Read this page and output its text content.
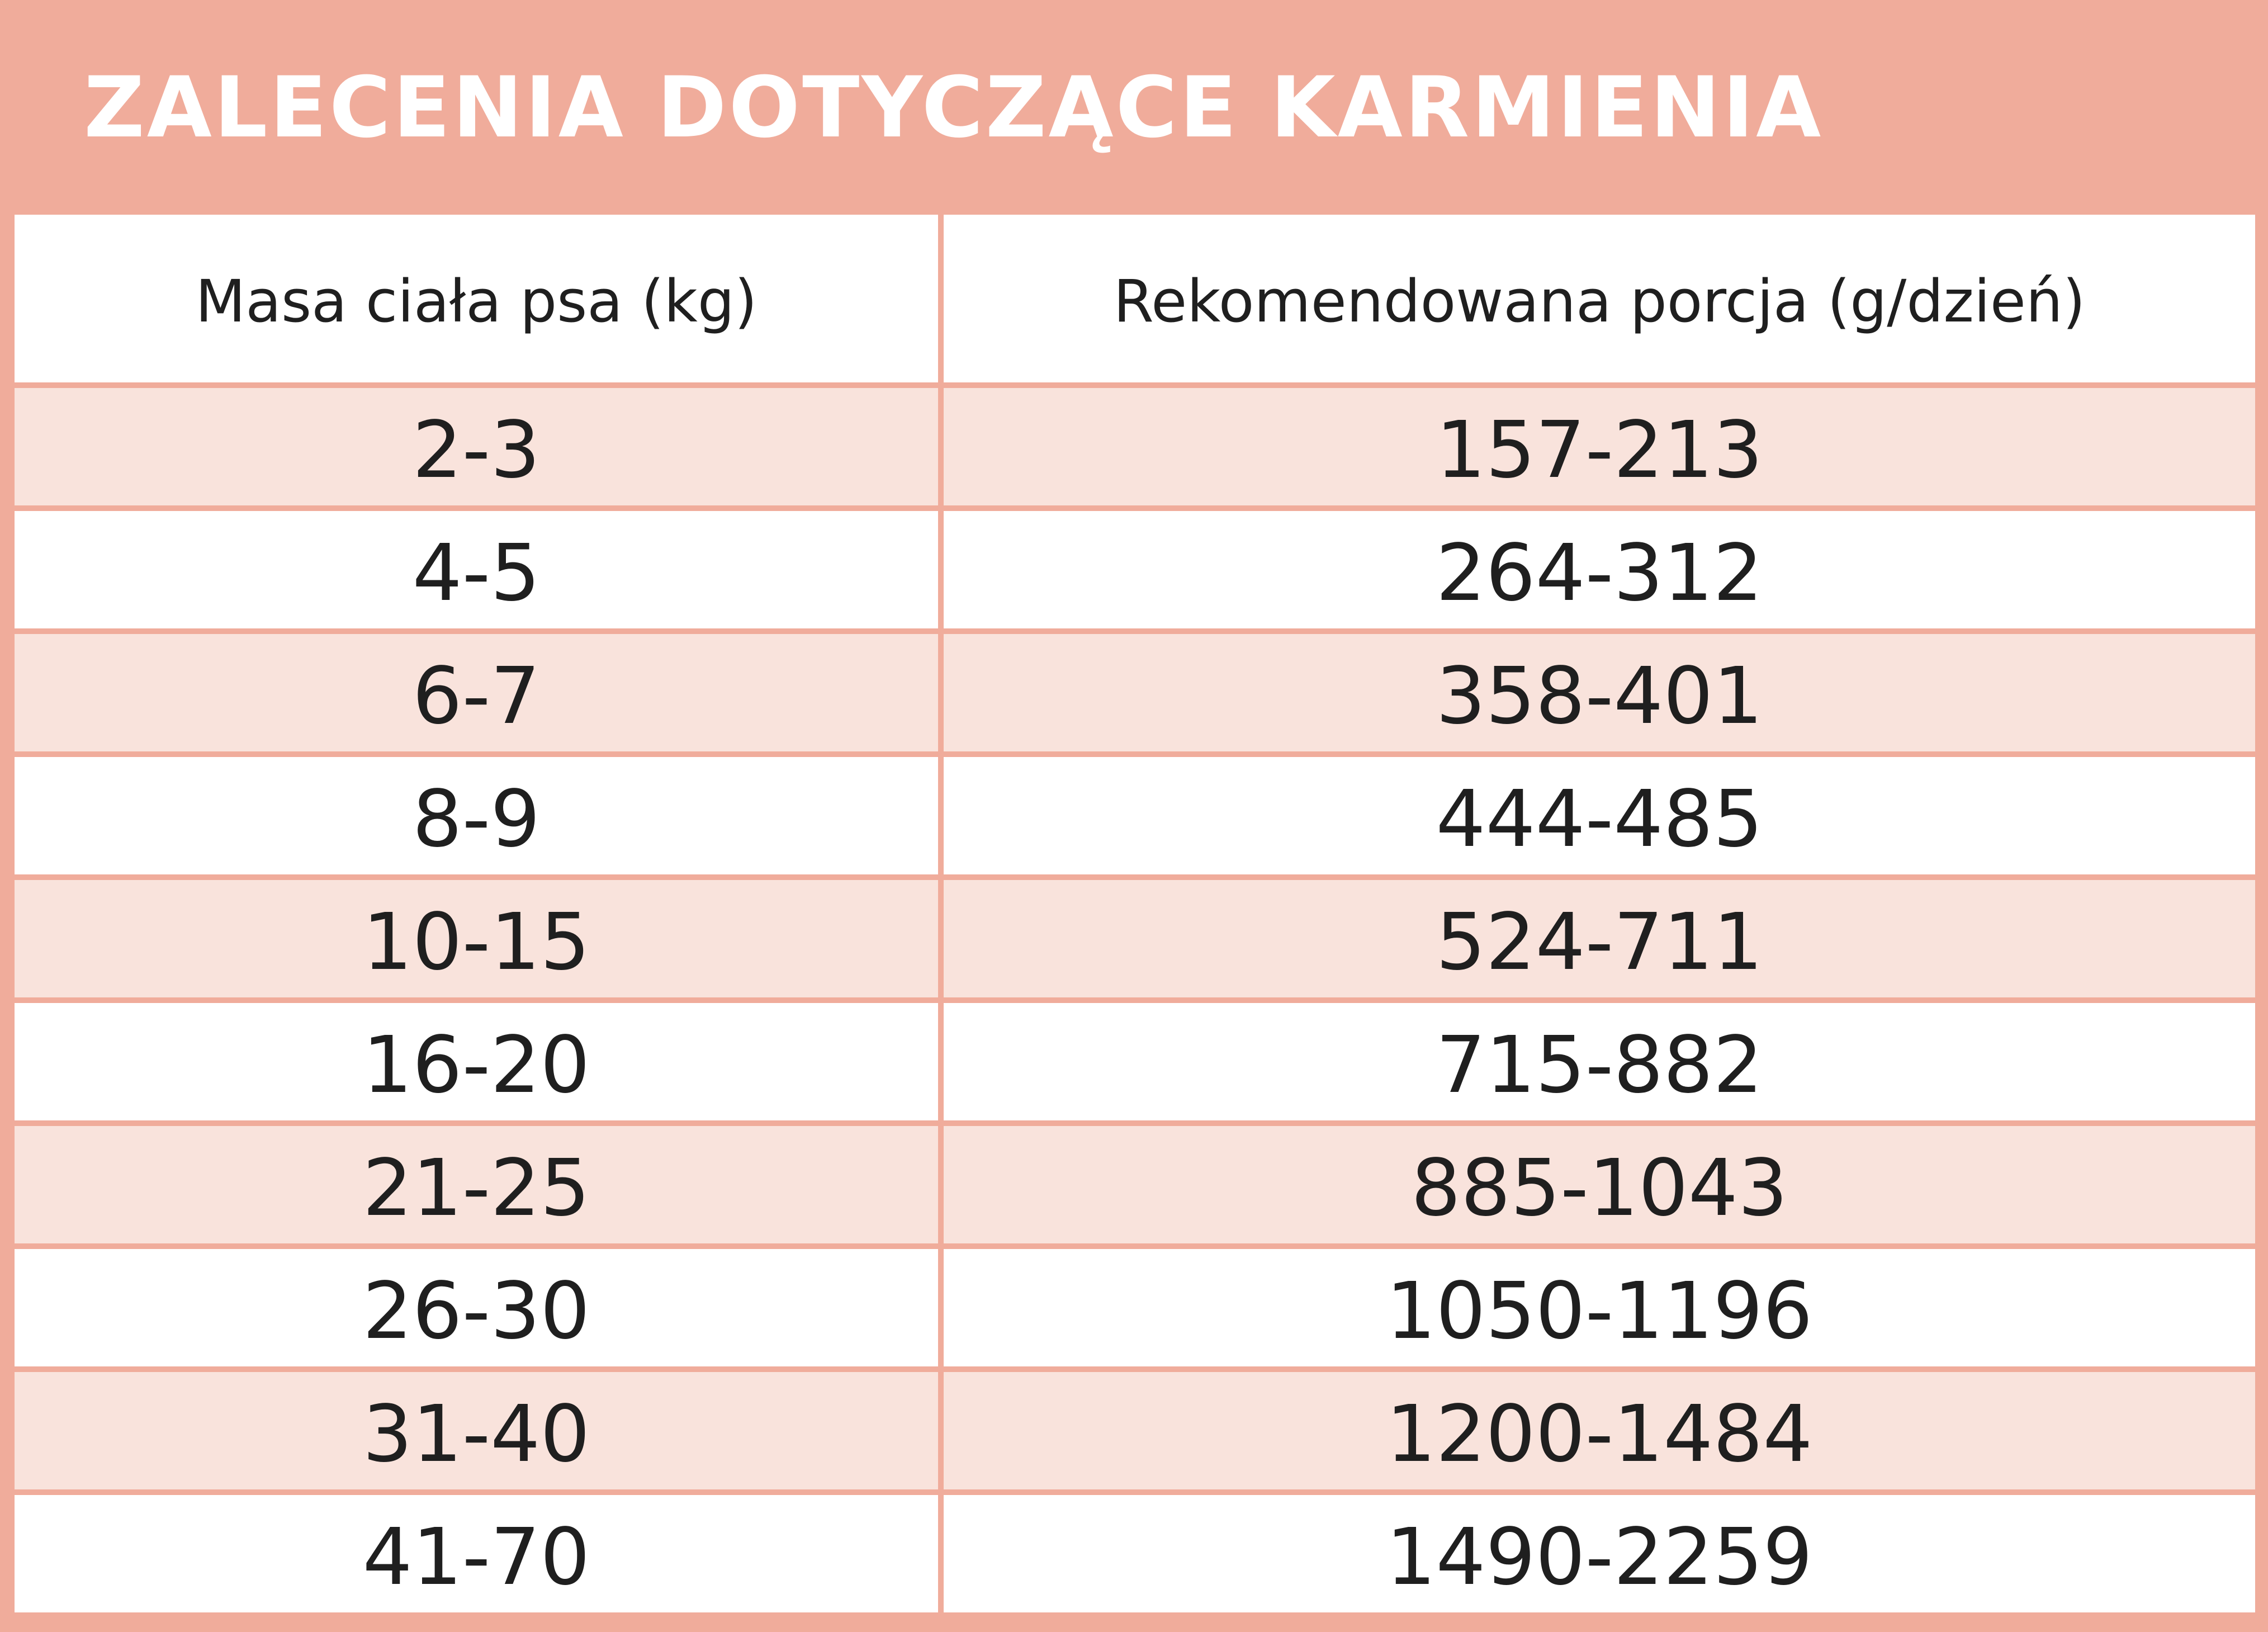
ZALECENIA DOTYCZĄCE KARMIENIA
Masa ciała psa (kg)	Rekomendowana porcja (g/dzień)
2-3	157-213
4-5	264-312
6-7	358-401
8-9	444-485
10-15	524-711
16-20	715-882
21-25	885-1043
26-30	1050-1196
31-40	1200-1484
41-70	1490-2259
